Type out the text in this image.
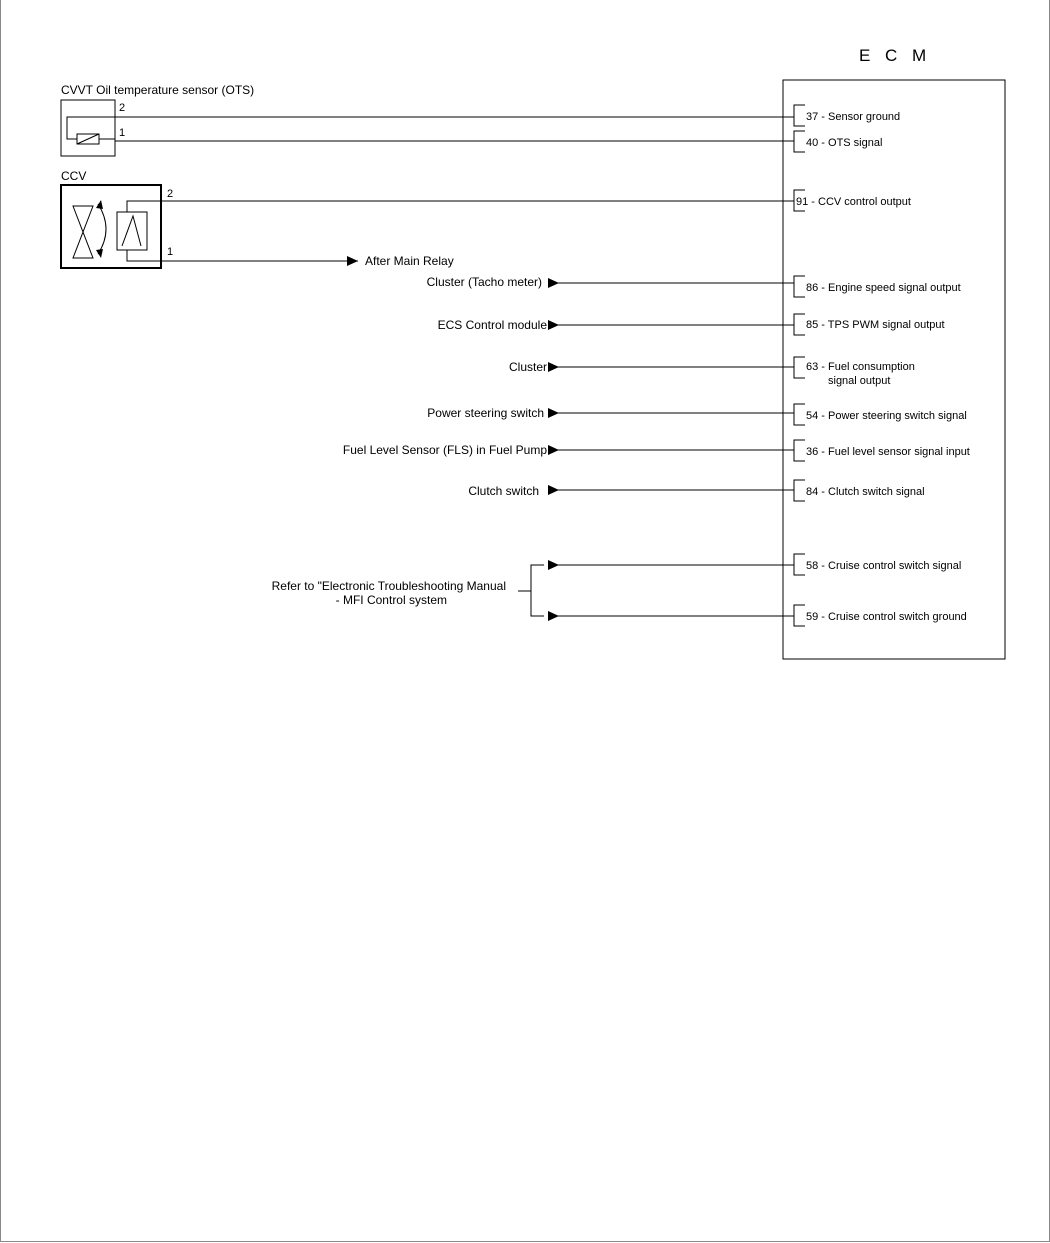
E C M
37 - Sensor ground
40 - OTS signal
91 - CCV control output
86 - Engine speed signal output
85 - TPS PWM signal output
63 - Fuel consumption
signal output
54 - Power steering switch signal
36 - Fuel level sensor signal input
84 - Clutch switch signal
58 - Cruise control switch signal
59 - Cruise control switch ground
CVVT Oil temperature sensor (OTS)
2
1
CCV
2
1
After Main Relay
Cluster (Tacho meter)
ECS Control module
Cluster
Power steering switch
Fuel Level Sensor (FLS) in Fuel Pump
Clutch switch
Refer to "Electronic Troubleshooting Manual
- MFI Control system
